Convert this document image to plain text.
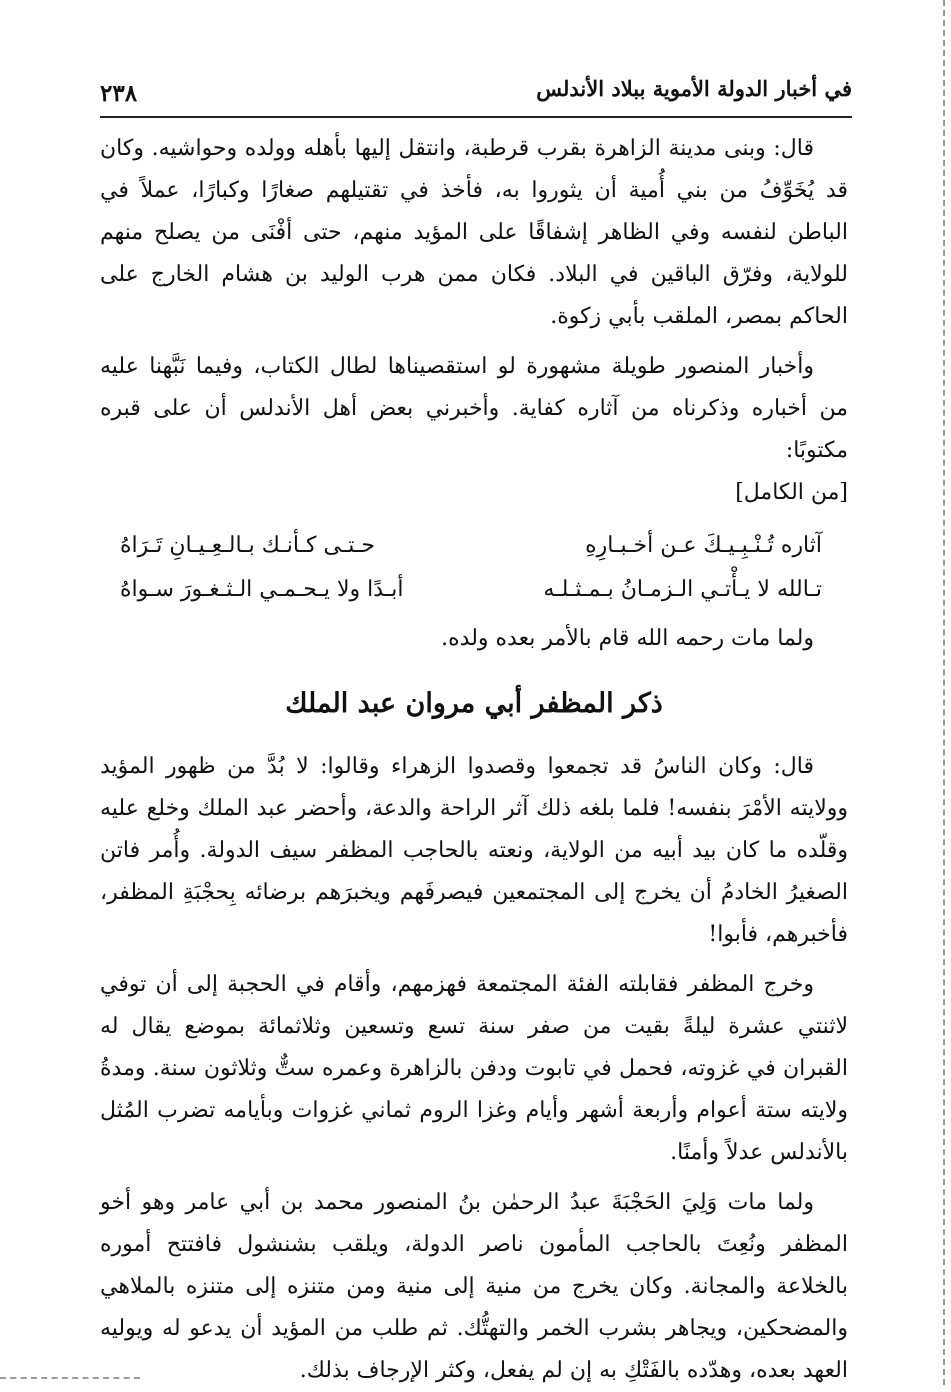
في أخبار الدولة الأموية ببلاد الأندلس
٢٣٨

قال: وبنى مدينة الزاهرة بقرب قرطبة، وانتقل إليها بأهله وولده وحواشيه. وكان قد يُخَوِّفُ من بني أُمية أن يثوروا به، فأخذ في تقتيلهم صغارًا وكبارًا، عملاً في الباطن لنفسه وفي الظاهر إشفاقًا على المؤيد منهم، حتى أفْنَى من يصلح منهم للولاية، وفرّق الباقين في البلاد. فكان ممن هرب الوليد بن هشام الخارج على الحاكم بمصر، الملقب بأبي زكوة.

وأخبار المنصور طويلة مشهورة لو استقصيناها لطال الكتاب، وفيما نَبَّهنا عليه من أخباره وذكرناه من آثاره كفاية. وأخبرني بعض أهل الأندلس أن على قبره مكتوبًا:

[من الكامل]
آثاره تُـنْـبِـيـكَ عـن أخـبـارِهِ
حـتـى كـأنـك بـالـعِـيـانِ تَـرَاهُ
تـالله لا يـأْتـي الـزمـانُ بـمـثـلـه
أبـدًا ولا يـحـمـي الـثـغـورَ سـواهُ

ولما مات رحمه الله قام بالأمر بعده ولده.

ذكر المظفر أبي مروان عبد الملك

قال: وكان الناسُ قد تجمعوا وقصدوا الزهراء وقالوا: لا بُدَّ من ظهور المؤيد وولايته الأمْرَ بنفسه! فلما بلغه ذلك آثر الراحة والدعة، وأحضر عبد الملك وخلع عليه وقلّده ما كان بيد أبيه من الولاية، ونعته بالحاجب المظفر سيف الدولة. وأُمر فاتن الصغيرُ الخادمُ أن يخرج إلى المجتمعين فيصرفَهم ويخبرَهم برضائه بِحجْبَةِ المظفر، فأخبرهم، فأبوا!

وخرج المظفر فقابلته الفئة المجتمعة فهزمهم، وأقام في الحجبة إلى أن توفي لاثنتي عشرة ليلةً بقيت من صفر سنة تسع وتسعين وثلاثمائة بموضع يقال له القبران في غزوته، فحمل في تابوت ودفن بالزاهرة وعمره ستٌّ وثلاثون سنة. ومدةُ ولايته ستة أعوام وأربعة أشهر وأيام وغزا الروم ثماني غزوات وبأيامه تضرب المُثل بالأندلس عدلاً وأمنًا.

ولما مات وَلِيَ الحَجْبَةَ عبدُ الرحمٰن بنُ المنصور محمد بن أبي عامر وهو أخو المظفر ونُعِتَ بالحاجب المأمون ناصر الدولة، ويلقب بشنشول فافتتح أموره بالخلاعة والمجانة. وكان يخرج من منية إلى منية ومن متنزه إلى متنزه بالملاهي والمضحكين، ويجاهر بشرب الخمر والتهتُّك. ثم طلب من المؤيد أن يدعو له ويوليه العهد بعده، وهدّده بالفَتْكِ به إن لم يفعل، وكثر الإرجاف بذلك.
